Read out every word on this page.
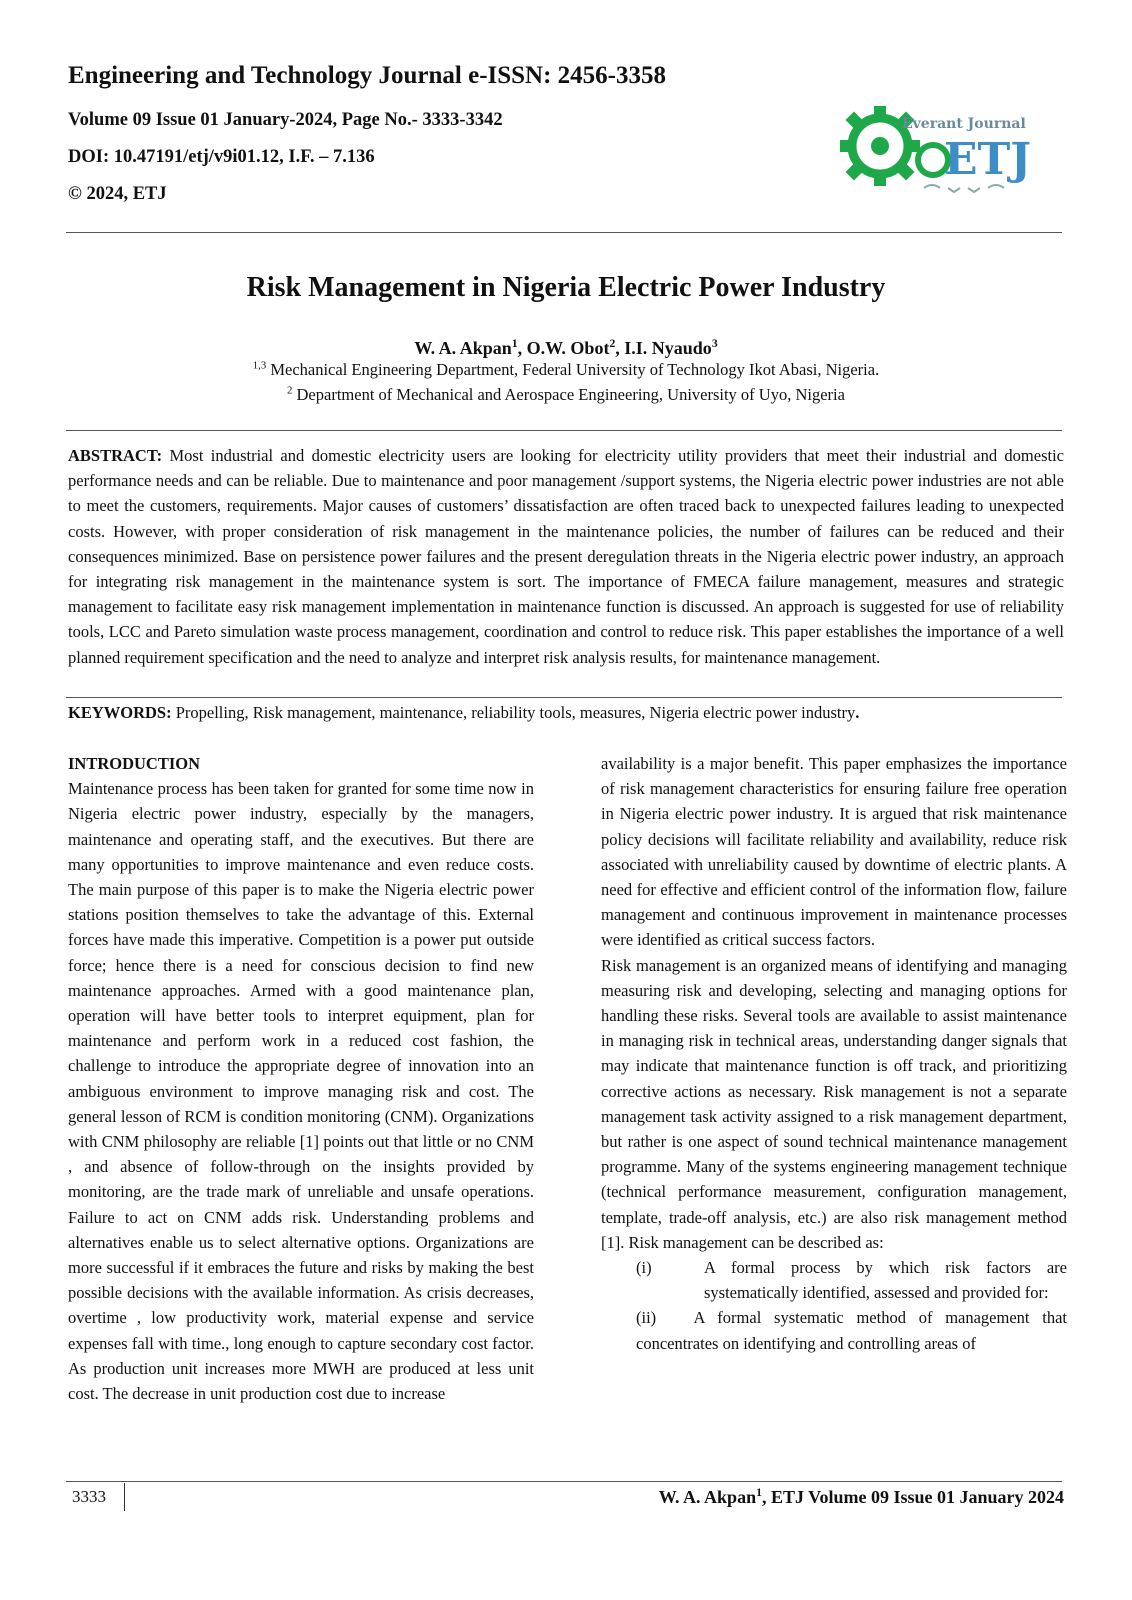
Engineering and Technology Journal e-ISSN: 2456-3358

Volume 09 Issue 01 January-2024, Page No.- 3333-3342

DOI: 10.47191/etj/v9i01.12, I.F. – 7.136

© 2024, ETJ

Everant Journal
ETJ
Risk Management in Nigeria Electric Power Industry
W. A. Akpan$^1$, O.W. Obot$^2$, I.I. Nyaudo$^3$
$^{1,3}$ Mechanical Engineering Department, Federal University of Technology Ikot Abasi, Nigeria.
$^2$ Department of Mechanical and Aerospace Engineering, University of Uyo, Nigeria

ABSTRACT: Most industrial and domestic electricity users are looking for electricity utility providers that meet their industrial and domestic performance needs and can be reliable. Due to maintenance and poor management /support systems, the Nigeria electric power industries are not able to meet the customers, requirements. Major causes of customers’ dissatisfaction are often traced back to unexpected failures leading to unexpected costs. However, with proper consideration of risk management in the maintenance policies, the number of failures can be reduced and their consequences minimized. Base on persistence power failures and the present deregulation threats in the Nigeria electric power industry, an approach for integrating risk management in the maintenance system is sort. The importance of FMECA failure management, measures and strategic management to facilitate easy risk management implementation in maintenance function is discussed. An approach is suggested for use of reliability tools, LCC and Pareto simulation waste process management, coordination and control to reduce risk. This paper establishes the importance of a well planned requirement specification and the need to analyze and interpret risk analysis results, for maintenance management.

KEYWORDS: Propelling, Risk management, maintenance, reliability tools, measures, Nigeria electric power industry.

INTRODUCTION

Maintenance process has been taken for granted for some time now in Nigeria electric power industry, especially by the managers, maintenance and operating staff, and the executives. But there are many opportunities to improve maintenance and even reduce costs. The main purpose of this paper is to make the Nigeria electric power stations position themselves to take the advantage of this. External forces have made this imperative. Competition is a power put outside force; hence there is a need for conscious decision to find new maintenance approaches. Armed with a good maintenance plan, operation will have better tools to interpret equipment, plan for maintenance and perform work in a reduced cost fashion, the challenge to introduce the appropriate degree of innovation into an ambiguous environment to improve managing risk and cost. The general lesson of RCM is condition monitoring (CNM). Organizations with CNM philosophy are reliable [1] points out that little or no CNM , and absence of follow-through on the insights provided by monitoring, are the trade mark of unreliable and unsafe operations. Failure to act on CNM adds risk. Understanding problems and alternatives enable us to select alternative options. Organizations are more successful if it embraces the future and risks by making the best possible decisions with the available information. As crisis decreases, overtime , low productivity work, material expense and service expenses fall with time., long enough to capture secondary cost factor. As production unit increases more MWH are produced at less unit cost. The decrease in unit production cost due to increase

availability is a major benefit. This paper emphasizes the importance of risk management characteristics for ensuring failure free operation in Nigeria electric power industry. It is argued that risk maintenance policy decisions will facilitate reliability and availability, reduce risk associated with unreliability caused by downtime of electric plants. A need for effective and efficient control of the information flow, failure management and continuous improvement in maintenance processes were identified as critical success factors.

Risk management is an organized means of identifying and managing measuring risk and developing, selecting and managing options for handling these risks. Several tools are available to assist maintenance in managing risk in technical areas, understanding danger signals that may indicate that maintenance function is off track, and prioritizing corrective actions as necessary. Risk management is not a separate management task activity assigned to a risk management department, but rather is one aspect of sound technical maintenance management programme. Many of the systems engineering management technique (technical performance measurement, configuration management, template, trade-off analysis, etc.) are also risk management method [1]. Risk management can be described as:

(i)	A formal process by which risk factors are systematically identified, assessed and provided for:

(ii) A formal systematic method of management that concentrates on identifying and controlling areas of

3333	W. A. Akpan$^1$, ETJ Volume 09 Issue 01 January 2024
